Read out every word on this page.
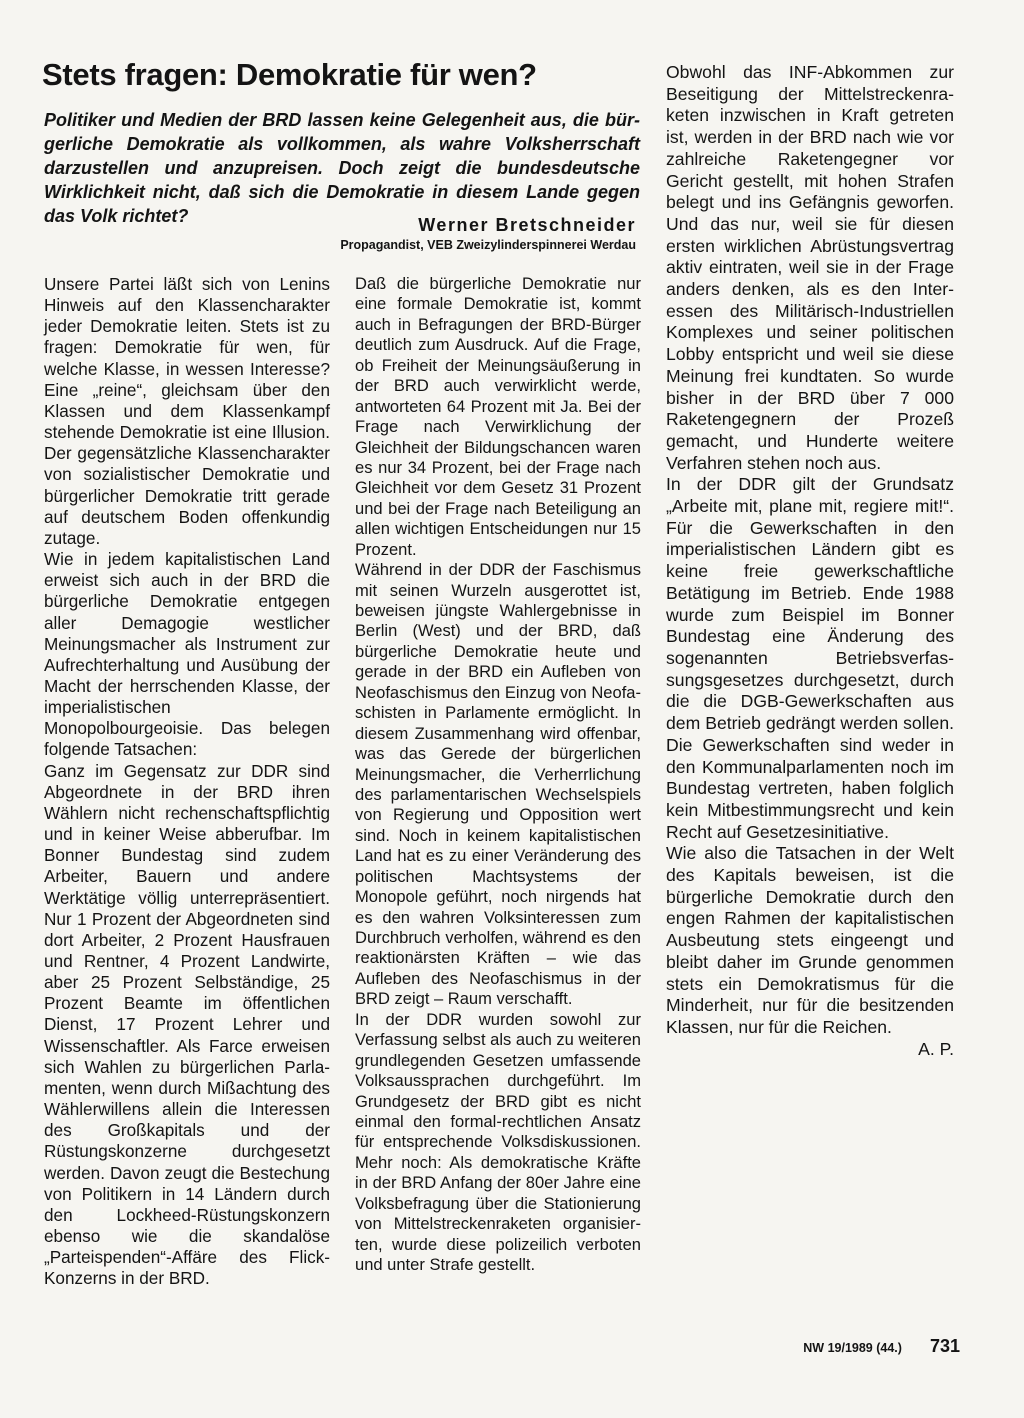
Stets fragen: Demokratie für wen?

Politiker und Medien der BRD lassen keine Gelegenheit aus, die bürgerliche Demokratie als vollkommen, als wahre Volksherrschaft darzustellen und anzupreisen. Doch zeigt die bundesdeutsche Wirklichkeit nicht, daß sich die Demokratie in diesem Lande gegen das Volk richtet?	Werner Bretschneider
Propagandist, VEB Zweizylinderspinnerei Werdau

Unsere Partei läßt sich von Lenins Hinweis auf den Klassencharakter jeder Demokratie leiten. Stets ist zu fragen: Demokratie für wen, für welche Klasse, in wessen Interesse? Eine „reine“, gleichsam über den Klassen und dem Klassenkampf stehende Demokratie ist eine Illusion. Der gegensätzliche Klassencharakter von sozialistischer Demokratie und bürgerlicher Demokratie tritt gerade auf deutschem Boden offenkundig zutage.

Wie in jedem kapitalistischen Land erweist sich auch in der BRD die bürgerliche Demokratie entgegen aller Demagogie westlicher Meinungsmacher als Instrument zur Aufrechterhaltung und Ausübung der Macht der herrschenden Klasse, der imperialistischen Monopolbourgeoisie. Das belegen folgende Tatsachen:

Ganz im Gegensatz zur DDR sind Abgeordnete in der BRD ihren Wählern nicht rechenschaftspflichtig und in keiner Weise abberufbar. Im Bonner Bundestag sind zudem Arbeiter, Bauern und andere Werktätige völlig unterrepräsentiert. Nur 1 Prozent der Abgeordneten sind dort Arbeiter, 2 Prozent Hausfrauen und Rentner, 4 Prozent Landwirte, aber 25 Prozent Selbständige, 25 Prozent Beamte im öffentlichen Dienst, 17 Prozent Lehrer und Wissenschaftler. Als Farce erweisen sich Wahlen zu bürgerlichen Parlamenten, wenn durch Mißachtung des Wählerwillens allein die Interessen des Großkapitals und der Rüstungskonzerne durchgesetzt werden. Davon zeugt die Bestechung von Politikern in 14 Ländern durch den Lockheed-Rüstungskonzern ebenso wie die skandalöse „Parteispenden“-Affäre des Flick-Konzerns in der BRD.

Daß die bürgerliche Demokratie nur eine formale Demokratie ist, kommt auch in Befragungen der BRD-Bürger deutlich zum Ausdruck. Auf die Frage, ob Freiheit der Meinungsäußerung in der BRD auch verwirklicht werde, antworteten 64 Prozent mit Ja. Bei der Frage nach Verwirklichung der Gleichheit der Bildungschancen waren es nur 34 Prozent, bei der Frage nach Gleichheit vor dem Gesetz 31 Prozent und bei der Frage nach Beteiligung an allen wichtigen Entscheidungen nur 15 Prozent.

Während in der DDR der Faschismus mit seinen Wurzeln ausgerottet ist, beweisen jüngste Wahlergebnisse in Berlin (West) und der BRD, daß bürgerliche Demokratie heute und gerade in der BRD ein Aufleben von Neofaschismus den Einzug von Neofaschisten in Parlamente ermöglicht. In diesem Zusammenhang wird offenbar, was das Gerede der bürgerlichen Meinungsmacher, die Verherrlichung des parlamentarischen Wechselspiels von Regierung und Opposition wert sind. Noch in keinem kapitalistischen Land hat es zu einer Veränderung des politischen Machtsystems der Monopole geführt, noch nirgends hat es den wahren Volksinteressen zum Durchbruch verholfen, während es den reaktionärsten Kräften – wie das Aufleben des Neofaschismus in der BRD zeigt – Raum verschafft.

In der DDR wurden sowohl zur Verfassung selbst als auch zu weiteren grundlegenden Gesetzen umfassende Volksaussprachen durchgeführt. Im Grundgesetz der BRD gibt es nicht einmal den formal-rechtlichen Ansatz für entsprechende Volksdiskussionen. Mehr noch: Als demokratische Kräfte in der BRD Anfang der 80er Jahre eine Volksbefragung über die Stationierung von Mittelstreckenraketen organisierten, wurde diese polizeilich verboten und unter Strafe gestellt.

Obwohl das INF-Abkommen zur Beseitigung der Mittelstreckenraketen inzwischen in Kraft getreten ist, werden in der BRD nach wie vor zahlreiche Raketengegner vor Gericht gestellt, mit hohen Strafen belegt und ins Gefängnis geworfen. Und das nur, weil sie für diesen ersten wirklichen Abrüstungsvertrag aktiv eintraten, weil sie in der Frage anders denken, als es den Interessen des Militärisch-Industriellen Komplexes und seiner politischen Lobby entspricht und weil sie diese Meinung frei kundtaten. So wurde bisher in der BRD über 7 000 Raketengegnern der Prozeß gemacht, und Hunderte weitere Verfahren stehen noch aus.

In der DDR gilt der Grundsatz „Arbeite mit, plane mit, regiere mit!“. Für die Gewerkschaften in den imperialistischen Ländern gibt es keine freie gewerkschaftliche Betätigung im Betrieb. Ende 1988 wurde zum Beispiel im Bonner Bundestag eine Änderung des sogenannten Betriebsverfassungsgesetzes durchgesetzt, durch die die DGB-Gewerkschaften aus dem Betrieb gedrängt werden sollen. Die Gewerkschaften sind weder in den Kommunalparlamenten noch im Bundestag vertreten, haben folglich kein Mitbestimmungsrecht und kein Recht auf Gesetzesinitiative.

Wie also die Tatsachen in der Welt des Kapitals beweisen, ist die bürgerliche Demokratie durch den engen Rahmen der kapitalistischen Ausbeutung stets eingeengt und bleibt daher im Grunde genommen stets ein Demokratismus für die Minderheit, nur für die besitzenden Klassen, nur für die Reichen.

A. P.

NW 19/1989 (44.) 731
